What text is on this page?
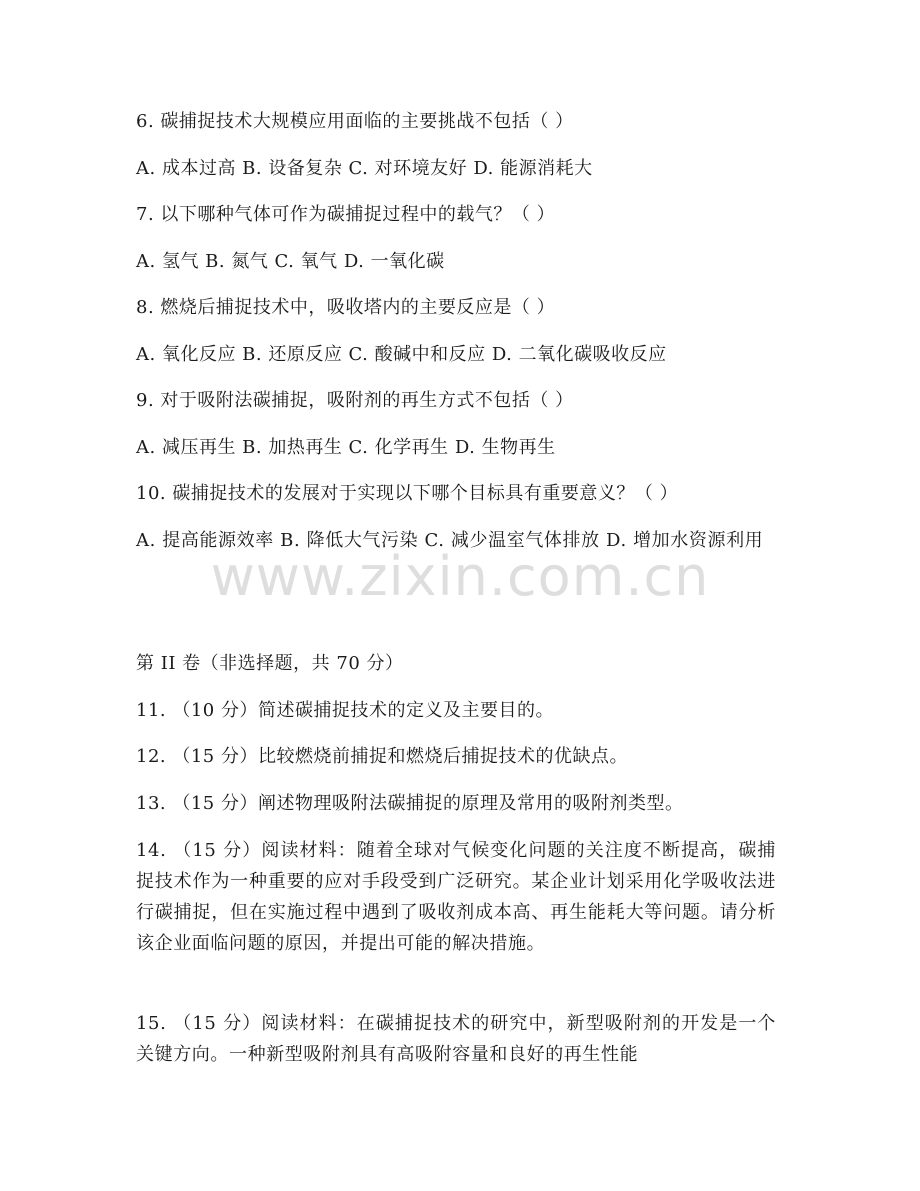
6. 碳捕捉技术大规模应用面临的主要挑战不包括（ ）
A. 成本过高 B. 设备复杂 C. 对环境友好 D. 能源消耗大
7. 以下哪种气体可作为碳捕捉过程中的载气？（ ）
A. 氢气 B. 氮气 C. 氧气 D. 一氧化碳
8. 燃烧后捕捉技术中，吸收塔内的主要反应是（ ）
A. 氧化反应 B. 还原反应 C. 酸碱中和反应 D. 二氧化碳吸收反应
9. 对于吸附法碳捕捉，吸附剂的再生方式不包括（ ）
A. 减压再生 B. 加热再生 C. 化学再生 D. 生物再生
10. 碳捕捉技术的发展对于实现以下哪个目标具有重要意义？（ ）
A. 提高能源效率 B. 降低大气污染 C. 减少温室气体排放 D. 增加水资源利用
www.zixin.com.cn
第 II 卷（非选择题，共 70 分）
11. （10 分）简述碳捕捉技术的定义及主要目的。
12. （15 分）比较燃烧前捕捉和燃烧后捕捉技术的优缺点。
13. （15 分）阐述物理吸附法碳捕捉的原理及常用的吸附剂类型。
14. （15 分）阅读材料：随着全球对气候变化问题的关注度不断提高，碳捕捉技术作为一种重要的应对手段受到广泛研究。某企业计划采用化学吸收法进行碳捕捉，但在实施过程中遇到了吸收剂成本高、再生能耗大等问题。请分析该企业面临问题的原因，并提出可能的解决措施。
15. （15 分）阅读材料：在碳捕捉技术的研究中，新型吸附剂的开发是一个关键方向。一种新型吸附剂具有高吸附容量和良好的再生性能
